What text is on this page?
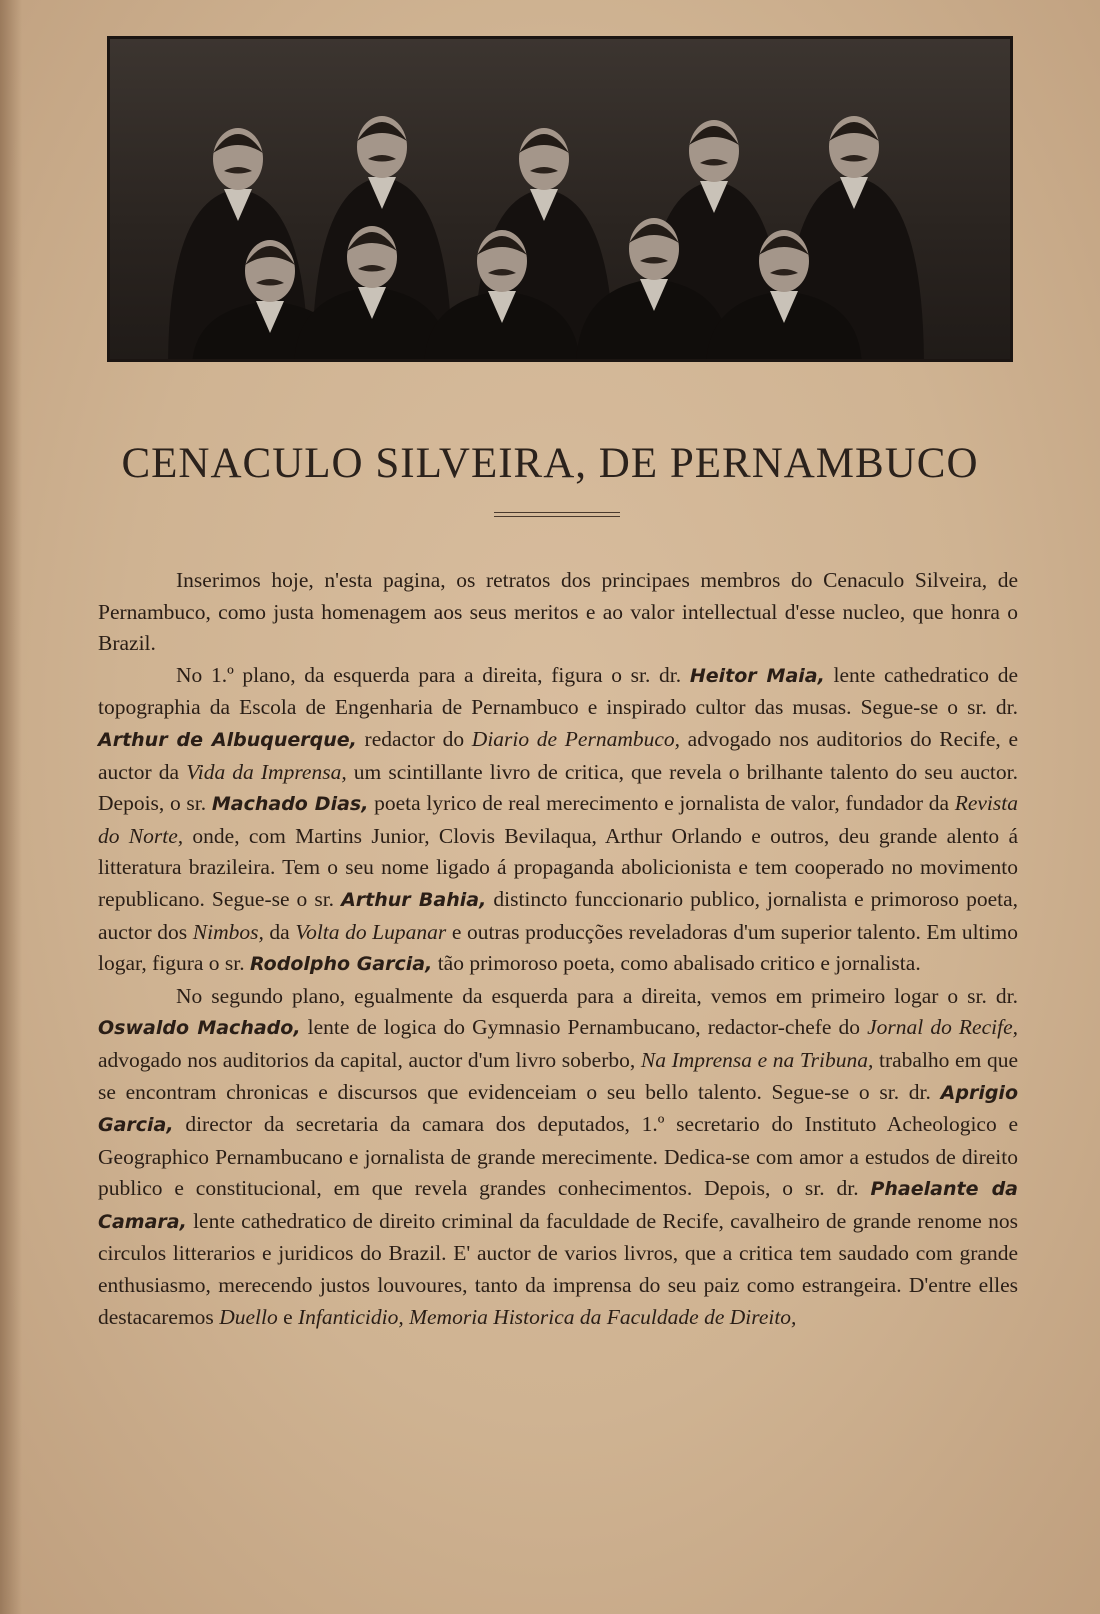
CENACULO SILVEIRA, DE PERNAMBUCO

Inserimos hoje, n'esta pagina, os retratos dos principaes membros do Cenaculo Silveira, de Pernambuco, como justa homenagem aos seus meritos e ao valor intellectual d'esse nucleo, que honra o Brazil.

No 1.º plano, da esquerda para a direita, figura o sr. dr. Heitor Maia, lente cathedratico de topographia da Escola de Engenharia de Pernambuco e inspirado cultor das musas. Segue-se o sr. dr. Arthur de Albuquerque, redactor do Diario de Pernambuco, advogado nos auditorios do Recife, e auctor da Vida da Imprensa, um scintillante livro de critica, que revela o brilhante talento do seu auctor. Depois, o sr. Machado Dias, poeta lyrico de real merecimento e jornalista de valor, fundador da Revista do Norte, onde, com Martins Junior, Clovis Bevilaqua, Arthur Orlando e outros, deu grande alento á litteratura brazileira. Tem o seu nome ligado á propaganda abolicionista e tem cooperado no movimento republicano. Segue-se o sr. Arthur Bahia, distincto funccionario publico, jornalista e primoroso poeta, auctor dos Nimbos, da Volta do Lupanar e outras producções reveladoras d'um superior talento. Em ultimo logar, figura o sr. Rodolpho Garcia, tão primoroso poeta, como abalisado critico e jornalista.

No segundo plano, egualmente da esquerda para a direita, vemos em primeiro logar o sr. dr. Oswaldo Machado, lente de logica do Gymnasio Pernambucano, redactor-chefe do Jornal do Recife, advogado nos auditorios da capital, auctor d'um livro soberbo, Na Imprensa e na Tribuna, trabalho em que se encontram chronicas e discursos que evidenceiam o seu bello talento. Segue-se o sr. dr. Aprigio Garcia, director da secretaria da camara dos deputados, 1.º secretario do Instituto Acheologico e Geographico Pernambucano e jornalista de grande merecimente. Dedica-se com amor a estudos de direito publico e constitucional, em que revela grandes conhecimentos. Depois, o sr. dr. Phaelante da Camara, lente cathedratico de direito criminal da faculdade de Recife, cavalheiro de grande renome nos circulos litterarios e juridicos do Brazil. E' auctor de varios livros, que a critica tem saudado com grande enthusiasmo, merecendo justos louvoures, tanto da imprensa do seu paiz como estrangeira. D'entre elles destacaremos Duello e Infanticidio, Memoria Historica da Faculdade de Direito,
